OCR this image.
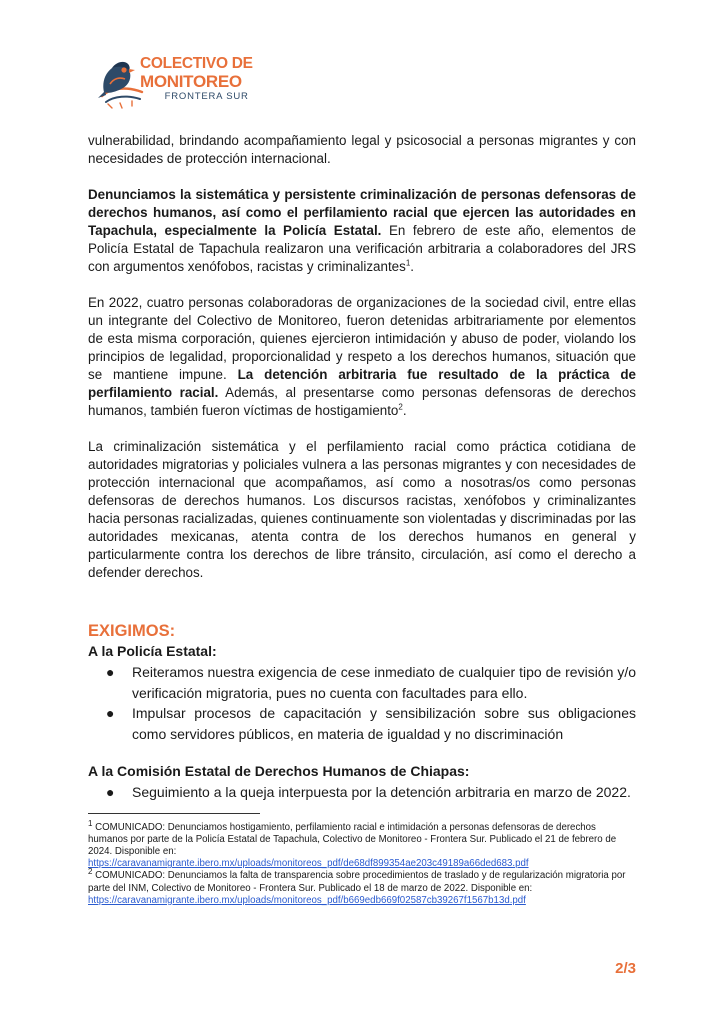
COLECTIVO DE
MONITOREO
FRONTERA SUR

vulnerabilidad, brindando acompañamiento legal y psicosocial a personas migrantes y con necesidades de protección internacional.

Denunciamos la sistemática y persistente criminalización de personas defensoras de derechos humanos, así como el perfilamiento racial que ejercen las autoridades en Tapachula, especialmente la Policía Estatal. En febrero de este año, elementos de Policía Estatal de Tapachula realizaron una verificación arbitraria a colaboradores del JRS con argumentos xenófobos, racistas y criminalizantes$^1$.

En 2022, cuatro personas colaboradoras de organizaciones de la sociedad civil, entre ellas un integrante del Colectivo de Monitoreo, fueron detenidas arbitrariamente por elementos de esta misma corporación, quienes ejercieron intimidación y abuso de poder, violando los principios de legalidad, proporcionalidad y respeto a los derechos humanos, situación que se mantiene impune. La detención arbitraria fue resultado de la práctica de perfilamiento racial. Además, al presentarse como personas defensoras de derechos humanos, también fueron víctimas de hostigamiento$^2$.

La criminalización sistemática y el perfilamiento racial como práctica cotidiana de autoridades migratorias y policiales vulnera a las personas migrantes y con necesidades de protección internacional que acompañamos, así como a nosotras/os como personas defensoras de derechos humanos. Los discursos racistas, xenófobos y criminalizantes hacia personas racializadas, quienes continuamente son violentadas y discriminadas por las autoridades mexicanas, atenta contra de los derechos humanos en general y particularmente contra los derechos de libre tránsito, circulación, así como el derecho a defender derechos.

EXIGIMOS:

A la Policía Estatal:

● Reiteramos nuestra exigencia de cese inmediato de cualquier tipo de revisión y/o verificación migratoria, pues no cuenta con facultades para ello.
● Impulsar procesos de capacitación y sensibilización sobre sus obligaciones como servidores públicos, en materia de igualdad y no discriminación

A la Comisión Estatal de Derechos Humanos de Chiapas:

● Seguimiento a la queja interpuesta por la detención arbitraria en marzo de 2022.

$^1$ COMUNICADO: Denunciamos hostigamiento, perfilamiento racial e intimidación a personas defensoras de derechos humanos por parte de la Policía Estatal de Tapachula, Colectivo de Monitoreo - Frontera Sur. Publicado el 21 de febrero de 2024. Disponible en:
https://caravanamigrante.ibero.mx/uploads/monitoreos_pdf/de68df899354ae203c49189a66ded683.pdf

$^2$ COMUNICADO: Denunciamos la falta de transparencia sobre procedimientos de traslado y de regularización migratoria por parte del INM, Colectivo de Monitoreo - Frontera Sur. Publicado el 18 de marzo de 2022. Disponible en:
https://caravanamigrante.ibero.mx/uploads/monitoreos_pdf/b669edb669f02587cb39267f1567b13d.pdf

2/3
